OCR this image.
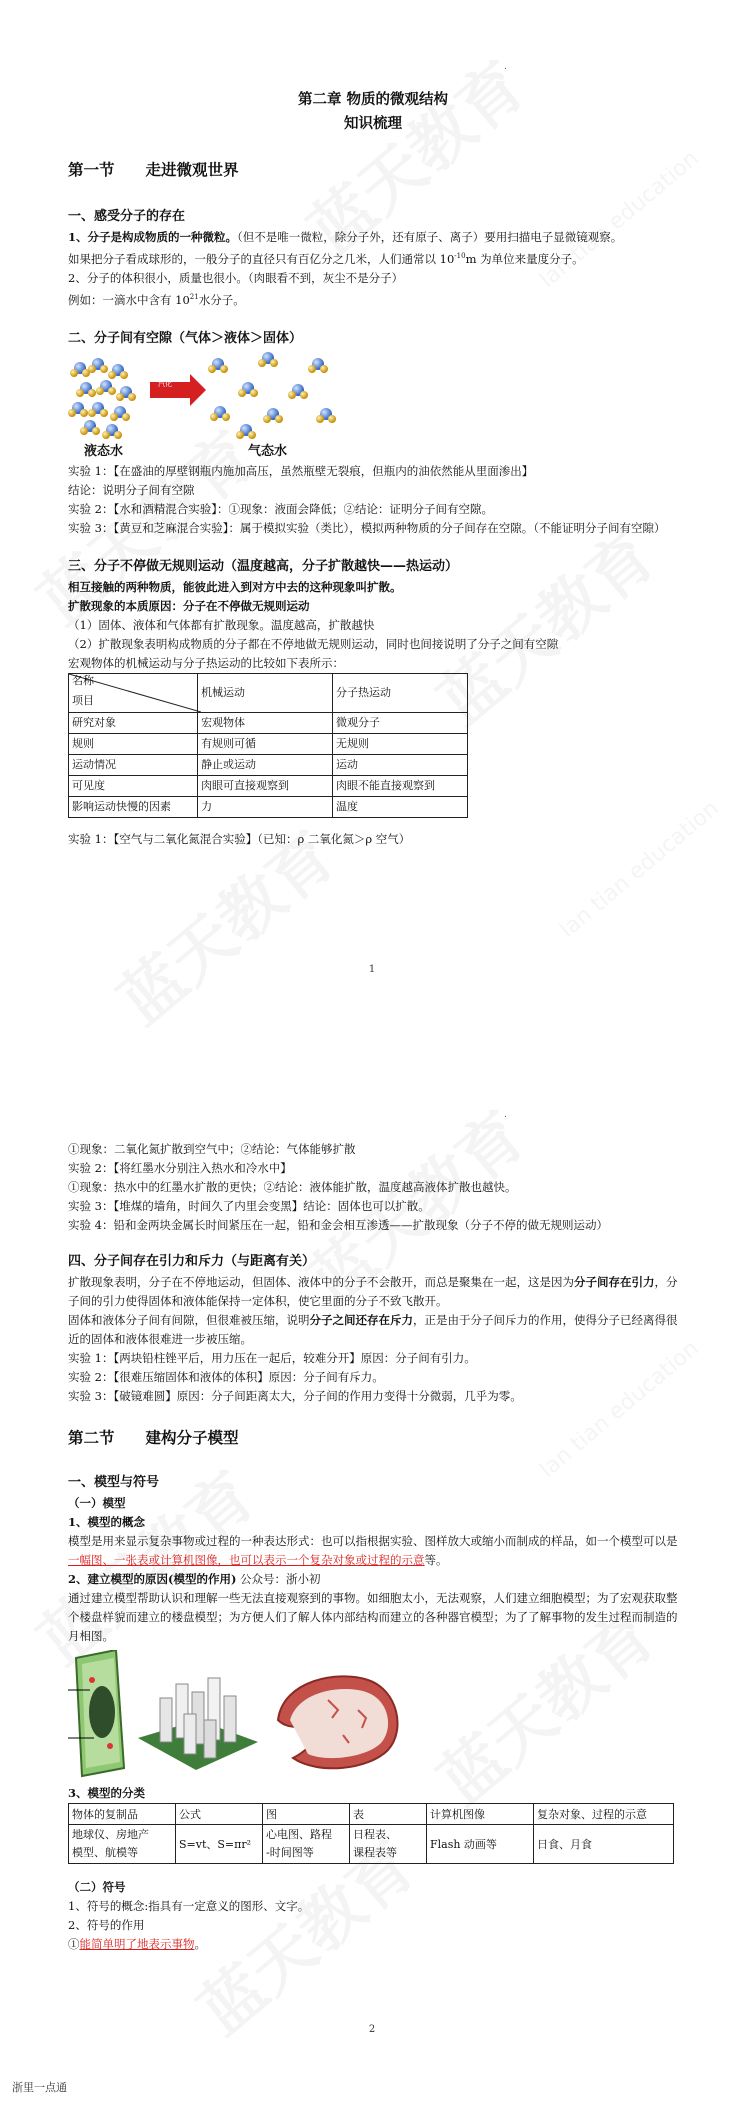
.
第二章 物质的微观结构
知识梳理
第一节　　走进微观世界
一、感受分子的存在

1、分子是构成物质的一种微粒。（但不是唯一微粒，除分子外，还有原子、离子）要用扫描电子显微镜观察。

如果把分子看成球形的，一般分子的直径只有百亿分之几米，人们通常以 $10^{-10}m$ 为单位来量度分子。

2、分子的体积很小，质量也很小。（肉眼看不到，灰尘不是分子）

例如：一滴水中含有 $10^{21}$水分子。

二、分子间有空隙（气体＞液体＞固体）
汽化
液态水	气态水

实验 1：【在盛油的厚壁钢瓶内施加高压，虽然瓶壁无裂痕，但瓶内的油依然能从里面渗出】

结论：说明分子间有空隙

实验 2：【水和酒精混合实验】：①现象：液面会降低；②结论：证明分子间有空隙。

实验 3：【黄豆和芝麻混合实验】：属于模拟实验（类比），模拟两种物质的分子间存在空隙。（不能证明分子间有空隙）

三、分子不停做无规则运动（温度越高，分子扩散越快——热运动）

相互接触的两种物质，能彼此进入到对方中去的这种现象叫扩散。

扩散现象的本质原因：分子在不停做无规则运动

（1）固体、液体和气体都有扩散现象。温度越高，扩散越快

（2）扩散现象表明构成物质的分子都在不停地做无规则运动，同时也间接说明了分子之间有空隙

宏观物体的机械运动与分子热运动的比较如下表所示：

名称
项目	机械运动	分子热运动
研究对象	宏观物体	微观分子
规则	有规则可循	无规则
运动情况	静止或运动	运动
可见度	肉眼可直接观察到	肉眼不能直接观察到
影响运动快慢的因素	力	温度

实验 1：【空气与二氧化氮混合实验】（已知：ρ 二氧化氮＞ρ 空气）

1
.

①现象：二氧化氮扩散到空气中；②结论：气体能够扩散

实验 2：【将红墨水分别注入热水和冷水中】

①现象：热水中的红墨水扩散的更快；②结论：液体能扩散，温度越高液体扩散也越快。

实验 3：【堆煤的墙角，时间久了内里会变黑】结论：固体也可以扩散。

实验 4：铅和金两块金属长时间紧压在一起，铅和金会相互渗透——扩散现象（分子不停的做无规则运动）

四、分子间存在引力和斥力（与距离有关）

扩散现象表明，分子在不停地运动，但固体、液体中的分子不会散开，而总是聚集在一起，这是因为分子间存在引力，分子间的引力使得固体和液体能保持一定体积，使它里面的分子不致飞散开。

固体和液体分子间有间隙，但很难被压缩，说明分子之间还存在斥力，正是由于分子间斥力的作用，使得分子已经离得很近的固体和液体很难进一步被压缩。

实验 1：【两块铅柱锉平后，用力压在一起后，较难分开】原因：分子间有引力。

实验 2：【很难压缩固体和液体的体积】原因：分子间有斥力。

实验 3：【破镜难圆】原因：分子间距离太大，分子间的作用力变得十分微弱，几乎为零。

第二节　　建构分子模型
一、模型与符号

（一）模型

1、模型的概念

模型是用来显示复杂事物或过程的一种表达形式：也可以指根据实验、图样放大或缩小而制成的样品，如一个模型可以是一幅图、一张表或计算机图像，也可以表示一个复杂对象或过程的示意等。

2、建立模型的原因(模型的作用) 公众号：浙小初

通过建立模型帮助认识和理解一些无法直接观察到的事物。如细胞太小，无法观察，人们建立细胞模型；为了宏观获取整个楼盘样貌而建立的楼盘模型；为方便人们了解人体内部结构而建立的各种器官模型；为了了解事物的发生过程而制造的月相图。

3、模型的分类

物体的复制品	公式	图	表	计算机图像	复杂对象、过程的示意
地球仪、房地产
模型、航模等	S=vt、S=πr²	心电图、路程
-时间图等	日程表、
课程表等	Flash 动画等	日食、月食

（二）符号

1、符号的概念:指具有一定意义的图形、文字。

2、符号的作用

①能简单明了地表示事物。

2
浙里一点通
